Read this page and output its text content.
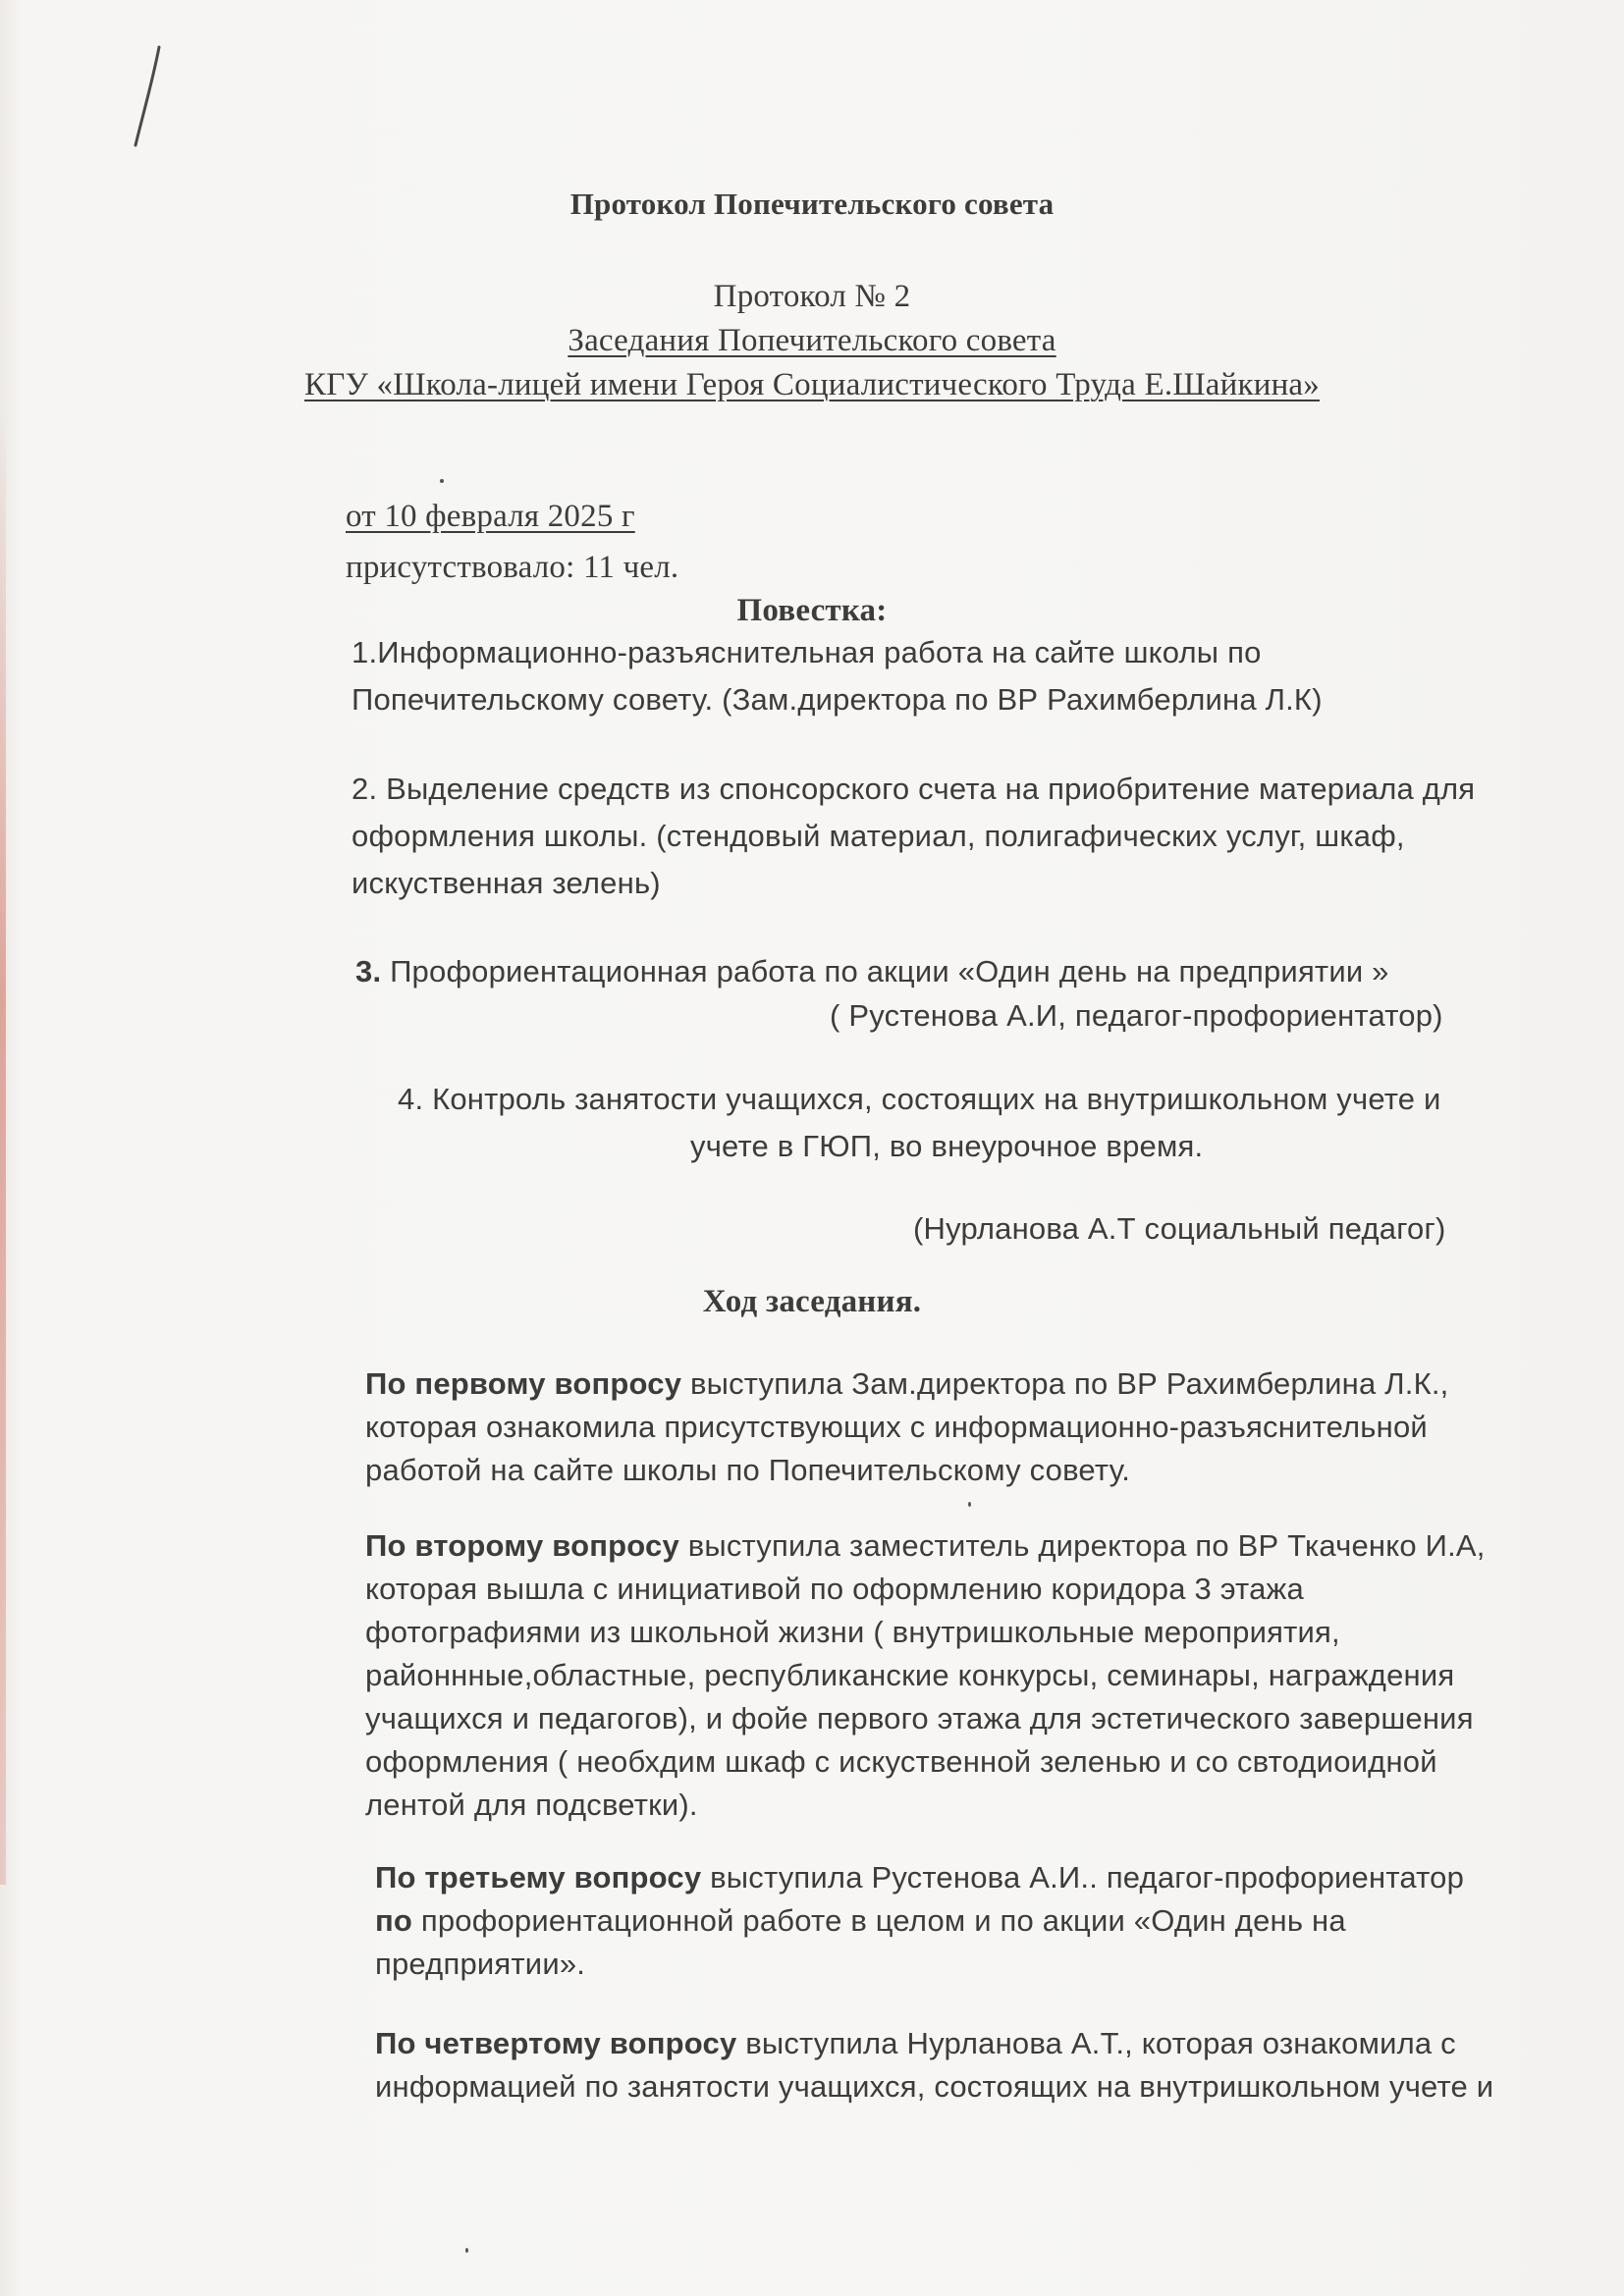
Протокол Попечительского совета
Протокол № 2
Заседания Попечительского совета
КГУ «Школа-лицей имени Героя Социалистического Труда Е.Шайкина»
от 10 февраля 2025 г
присутствовало: 11 чел.
Повестка:
1.Информационно-разъяснительная работа на сайте школы по
Попечительскому совету. (Зам.директора по ВР Рахимберлина Л.К)
2. Выделение средств из спонсорского счета на приобритение материала для
оформления школы. (стендовый материал, полигафических услуг, шкаф,
искуственная зелень)
3. Профориентационная работа по акции «Один день на предприятии »
( Рустенова А.И, педагог-профориентатор)
4. Контроль занятости учащихся, состоящих на внутришкольном учете и
учете в ГЮП, во внеурочное время.
(Нурланова А.Т социальный педагог)
Ход заседания.
По первому вопросу выступила Зам.директора по ВР Рахимберлина Л.К.,
которая ознакомила присутствующих с информационно-разъяснительной
работой на сайте школы по Попечительскому совету.
По второму вопросу выступила заместитель директора по ВР Ткаченко И.А,
которая вышла с инициативой по оформлению коридора 3 этажа
фотографиями из школьной жизни ( внутришкольные мероприятия,
районнные,областные, республиканские конкурсы, семинары, награждения
учащихся и педагогов), и фойе первого этажа для эстетического завершения
оформления ( необхдим шкаф с искуственной зеленью и со свтодиоидной
лентой для подсветки).
По третьему вопросу выступила Рустенова А.И.. педагог-профориентатор
по профориентационной работе в целом и по акции «Один день на
предприятии».
По четвертому вопросу выступила Нурланова А.Т., которая ознакомила с
информацией по занятости учащихся, состоящих на внутришкольном учете и
